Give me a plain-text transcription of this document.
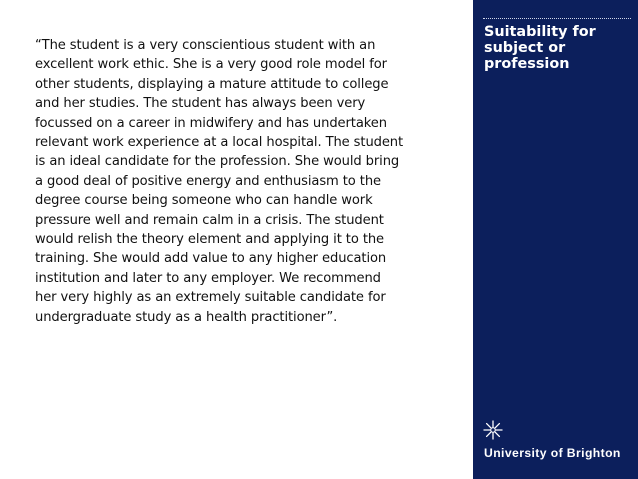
“The student is a very conscientious student with an
excellent work ethic. She is a very good role model for
other students, displaying a mature attitude to college
and her studies. The student has always been very
focussed on a career in midwifery and has undertaken
relevant work experience at a local hospital. The student
is an ideal candidate for the profession. She would bring
a good deal of positive energy and enthusiasm to the
degree course being someone who can handle work
pressure well and remain calm in a crisis. The student
would relish the theory element and applying it to the
training. She would add value to any higher education
institution and later to any employer. We recommend
her very highly as an extremely suitable candidate for
undergraduate study as a health practitioner”.
Suitability for
subject or
profession
University of Brighton
